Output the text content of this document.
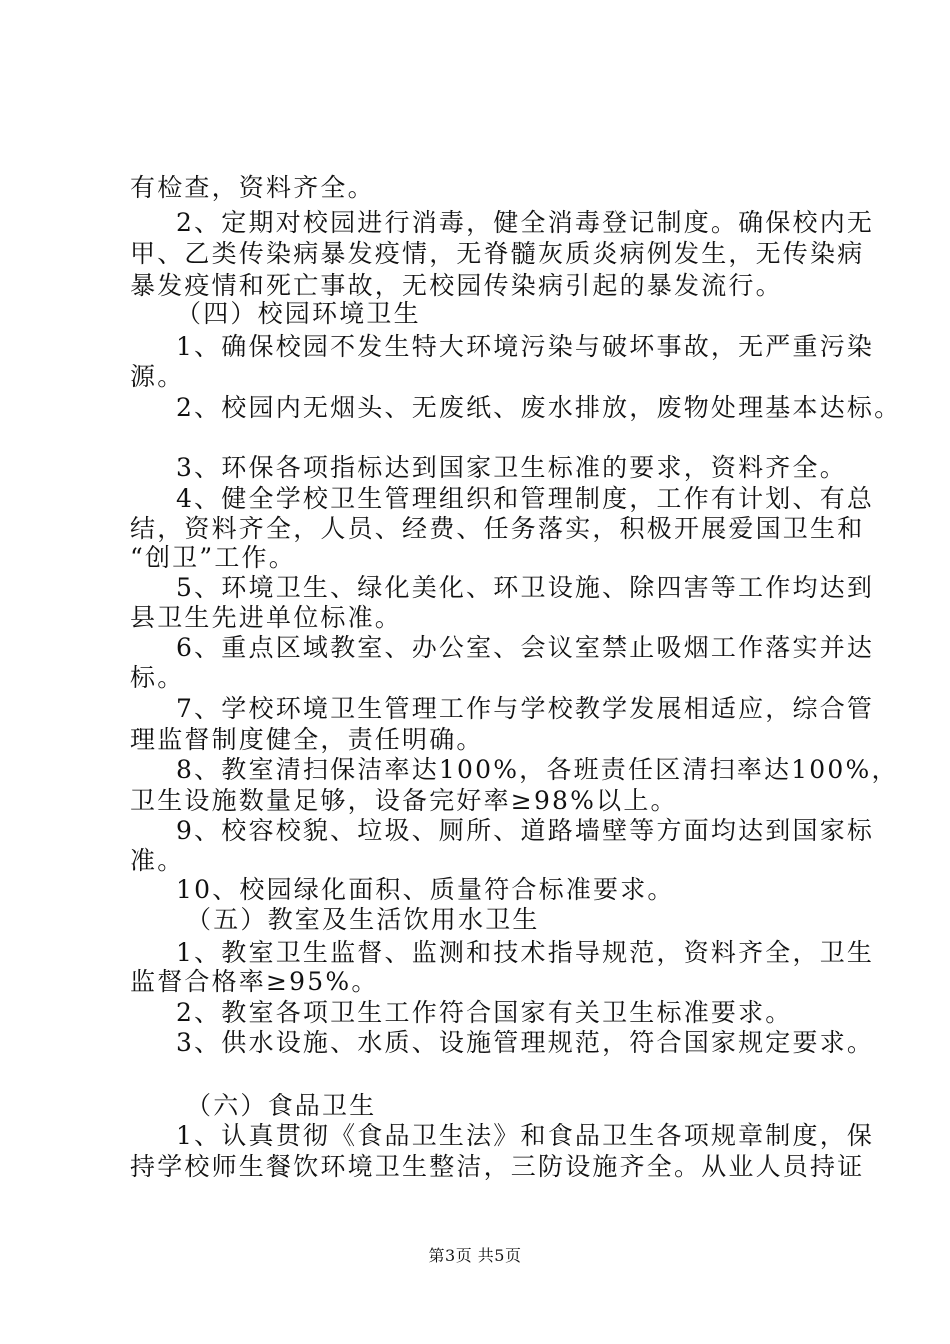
有检查，资料齐全。
2、定期对校园进行消毒，健全消毒登记制度。确保校内无
甲、乙类传染病暴发疫情，无脊髓灰质炎病例发生，无传染病
暴发疫情和死亡事故，无校园传染病引起的暴发流行。
（四）校园环境卫生
1、确保校园不发生特大环境污染与破坏事故，无严重污染
源。
2、校园内无烟头、无废纸、废水排放，废物处理基本达标。
3、环保各项指标达到国家卫生标准的要求，资料齐全。
4、健全学校卫生管理组织和管理制度，工作有计划、有总
结，资料齐全，人员、经费、任务落实，积极开展爱国卫生和
“创卫”工作。
5、环境卫生、绿化美化、环卫设施、除四害等工作均达到
县卫生先进单位标准。
6、重点区域教室、办公室、会议室禁止吸烟工作落实并达
标。
7、学校环境卫生管理工作与学校教学发展相适应，综合管
理监督制度健全，责任明确。
8、教室清扫保洁率达100%，各班责任区清扫率达100%，
卫生设施数量足够，设备完好率≥98%以上。
9、校容校貌、垃圾、厕所、道路墙壁等方面均达到国家标
准。
10、校园绿化面积、质量符合标准要求。
（五）教室及生活饮用水卫生
1、教室卫生监督、监测和技术指导规范，资料齐全，卫生
监督合格率≥95%。
2、教室各项卫生工作符合国家有关卫生标准要求。
3、供水设施、水质、设施管理规范，符合国家规定要求。
（六）食品卫生
1、认真贯彻《食品卫生法》和食品卫生各项规章制度，保
持学校师生餐饮环境卫生整洁，三防设施齐全。从业人员持证
第3页 共5页
